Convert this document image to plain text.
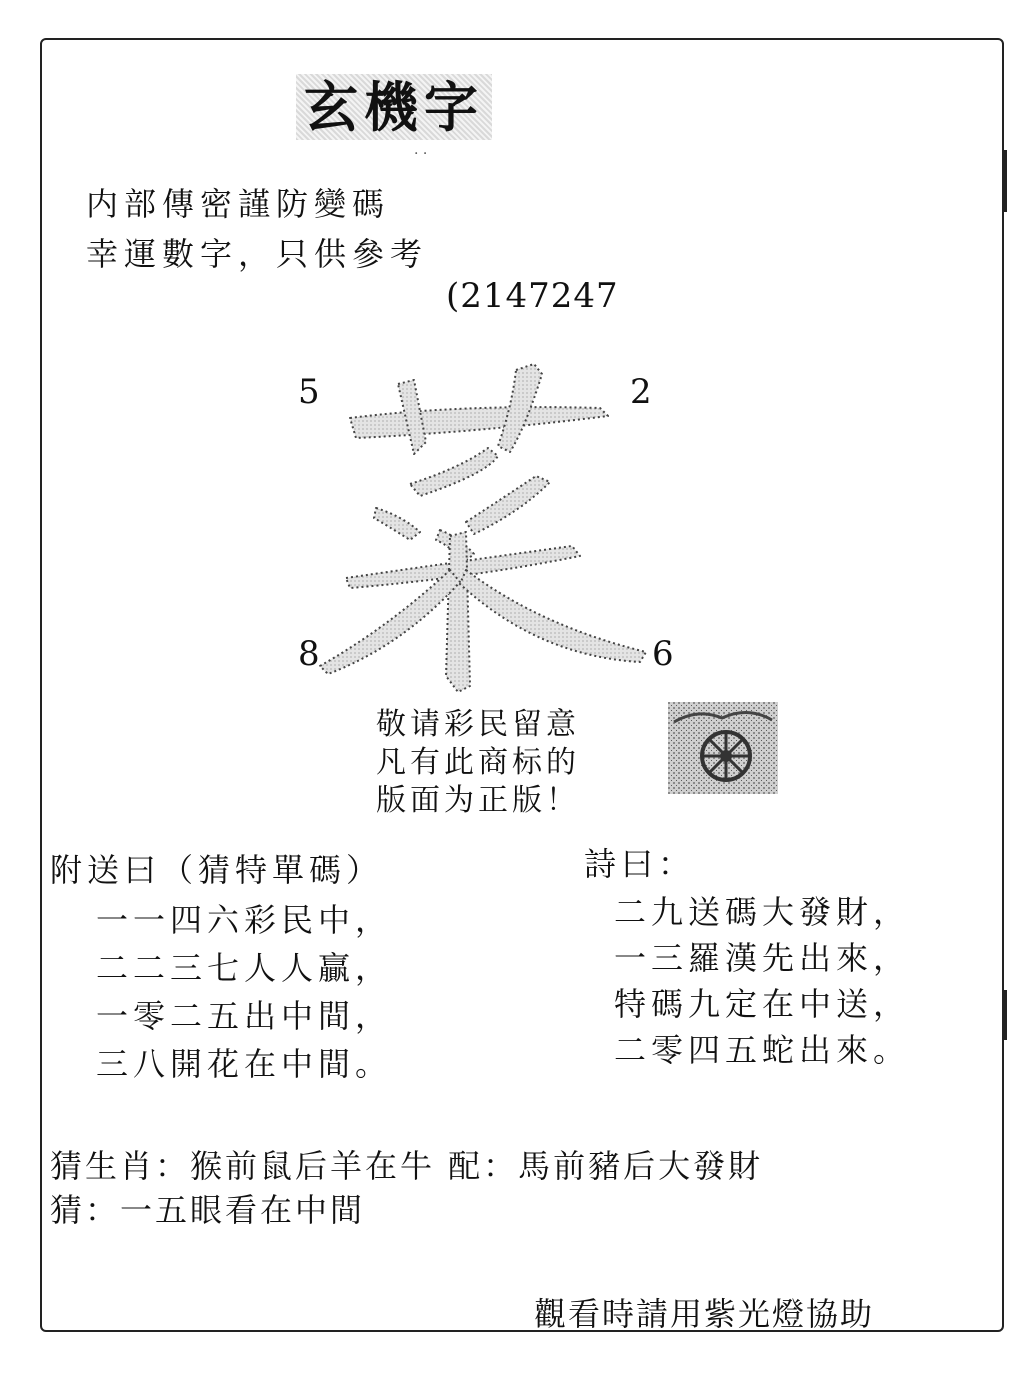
玄機字
· ·
内部傳密謹防變碼
幸運數字，只供參考
(2147247
5	2
8	6
敬请彩民留意
凡有此商标的
版面为正版！
附送曰（猜特單碼）
一一四六彩民中，
二二三七人人贏，
一零二五出中間，
三八開花在中間。
詩曰：
二九送碼大發財，
一三羅漢先出來，
特碼九定在中送，
二零四五蛇出來。
猜生肖：猴前鼠后羊在牛 配：馬前豬后大發財
猜：一五眼看在中間
觀看時請用紫光燈協助
